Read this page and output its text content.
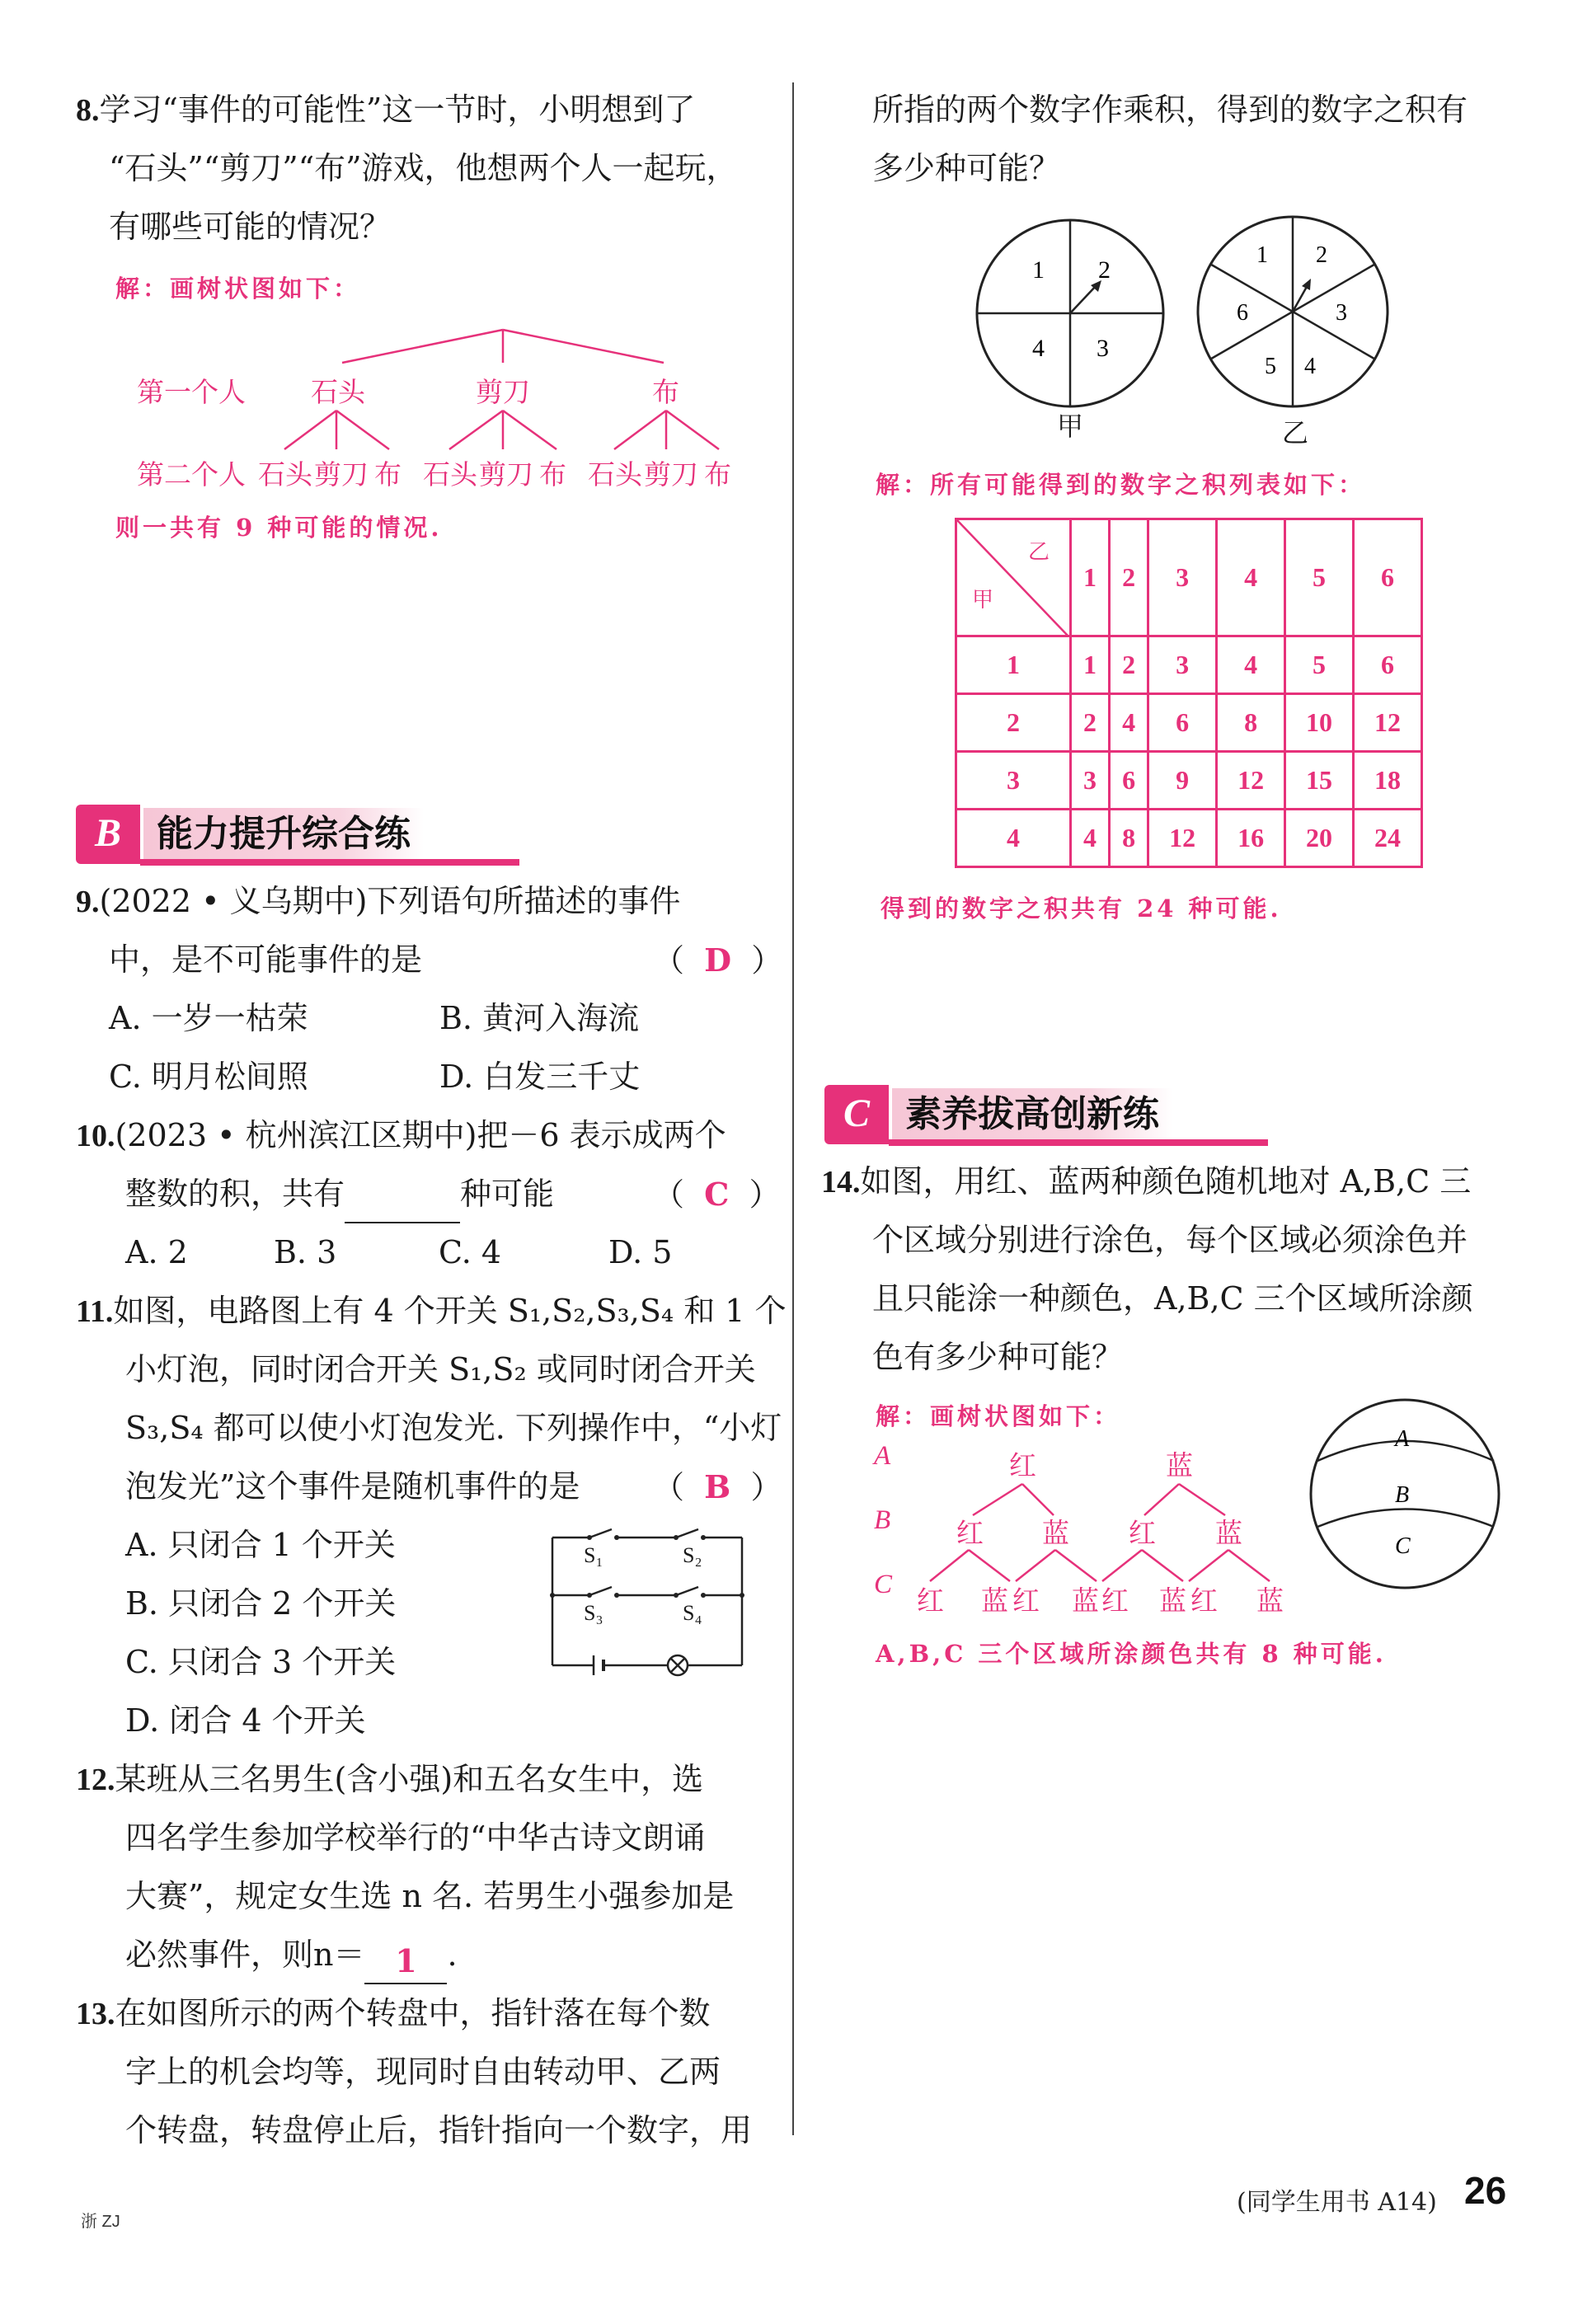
8.学习“事件的可能性”这一节时，小明想到了
“石头”“剪刀”“布”游戏，他想两个人一起玩，
有哪些可能的情况？
解：画树状图如下：
第一个人 石头	剪刀	布
第二个人 石头 剪刀 布 石头 剪刀 布 石头 剪刀 布
则一共有 9 种可能的情况.
B 能力提升综合练
9.(2022 • 义乌期中)下列语句所描述的事件
中，是不可能事件的是	（  D  ）
A. 一岁一枯荣	B. 黄河入海流
C. 明月松间照	D. 白发三千丈
10.(2023 • 杭州滨江区期中)把－6 表示成两个
整数的积，共有	种可能	（  C  ）
A. 2	B. 3	C. 4	D. 5
11.如图，电路图上有 4 个开关 S₁,S₂,S₃,S₄ 和 1 个
小灯泡，同时闭合开关 S₁,S₂ 或同时闭合开关
S₃,S₄ 都可以使小灯泡发光. 下列操作中，“小灯
泡发光”这个事件是随机事件的是 （  B  ）
A. 只闭合 1 个开关
B. 只闭合 2 个开关
C. 只闭合 3 个开关
D. 闭合 4 个开关
S₁	S₂
S₃	S₄
12.某班从三名男生(含小强)和五名女生中，选
四名学生参加学校举行的“中华古诗文朗诵
大赛”，规定女生选 n 名. 若男生小强参加是
必然事件，则n＝ 1 .
13.在如图所示的两个转盘中，指针落在每个数
字上的机会均等，现同时自由转动甲、乙两
个转盘，转盘停止后，指针指向一个数字，用
所指的两个数字作乘积，得到的数字之积有
多少种可能？
1 2
3
4
甲
1 2
3
4
5
6
乙
解：所有可能得到的数字之积列表如下：
乙
甲	1	2	3	4	5	6
1	1	2	3	4	5	6
2	2	4	6	8	10	12
3	3	6	9	12	15	18
4	4	8	12	16	20	24
得到的数字之积共有 24 种可能.
C 素养拔高创新练
14.如图，用红、蓝两种颜色随机地对 A,B,C 三
个区域分别进行涂色，每个区域必须涂色并
且只能涂一种颜色，A,B,C 三个区域所涂颜
色有多少种可能？
解：画树状图如下：
A
B
C
红	蓝
红 蓝 红 蓝
红 蓝 红 蓝 红 蓝 红 蓝
A
B
C
A,B,C 三个区域所涂颜色共有 8 种可能.
浙 ZJ
(同学生用书 A14) 26
